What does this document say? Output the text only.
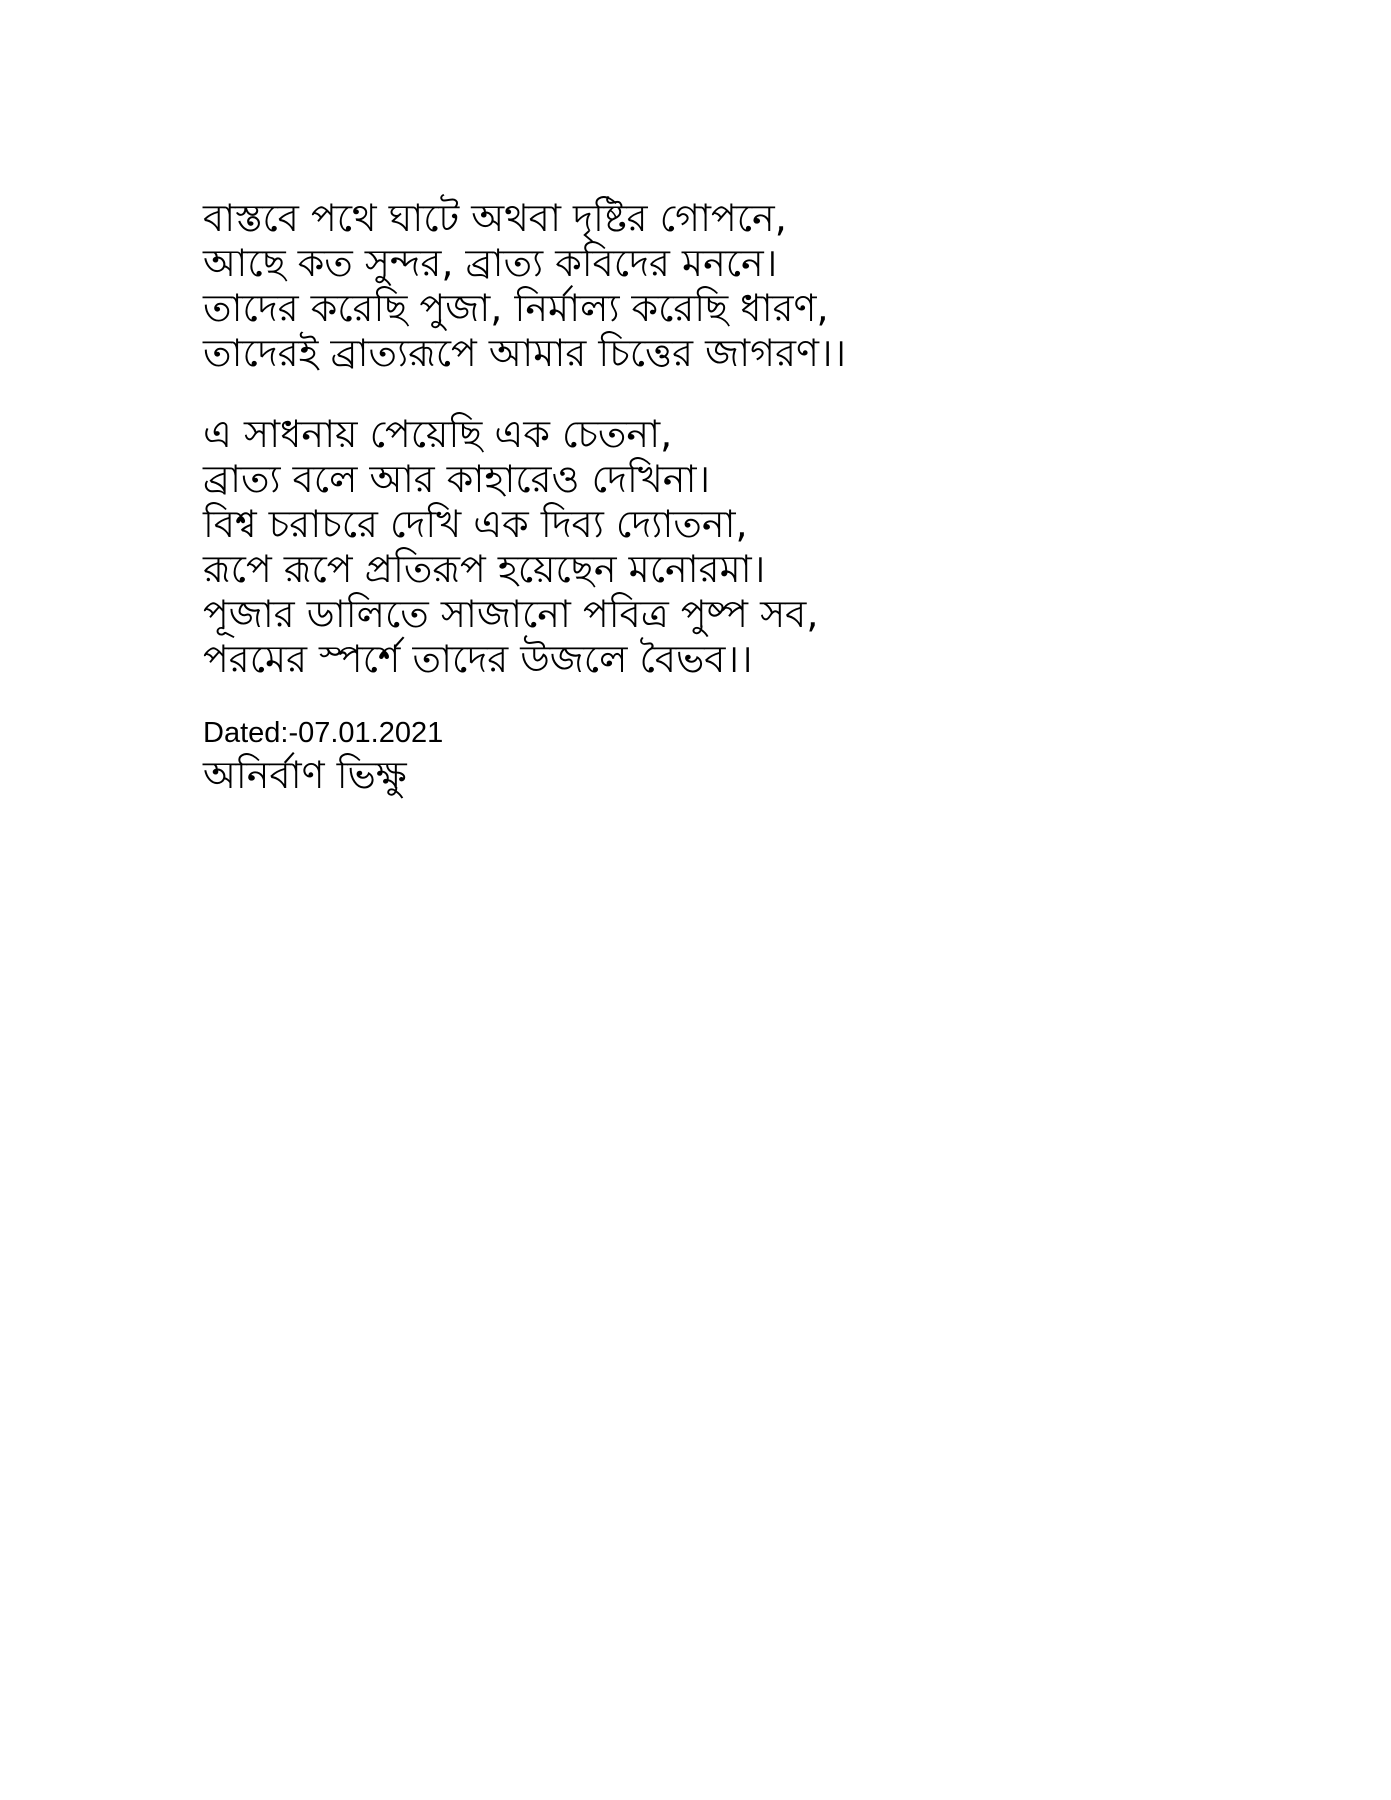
বাস্তবে পথে ঘাটে অথবা দৃষ্টির গোপনে,
আছে কত সুন্দর, ব্রাত্য কবিদের মননে।
তাদের করেছি পুজা, নির্মাল্য করেছি ধারণ,
তাদেরই ব্রাত্যরূপে আমার চিত্তের জাগরণ।।
এ সাধনায় পেয়েছি এক চেতনা,
ব্রাত্য বলে আর কাহারেও দেখিনা।
বিশ্ব চরাচরে দেখি এক দিব্য দ্যোতনা,
রূপে রূপে প্রতিরূপ হয়েছেন মনোরমা।
পূজার ডালিতে সাজানো পবিত্র পুষ্প সব,
পরমের স্পর্শে তাদের উজলে বৈভব।।
Dated:-07.01.2021
অনির্বাণ ভিক্ষু
